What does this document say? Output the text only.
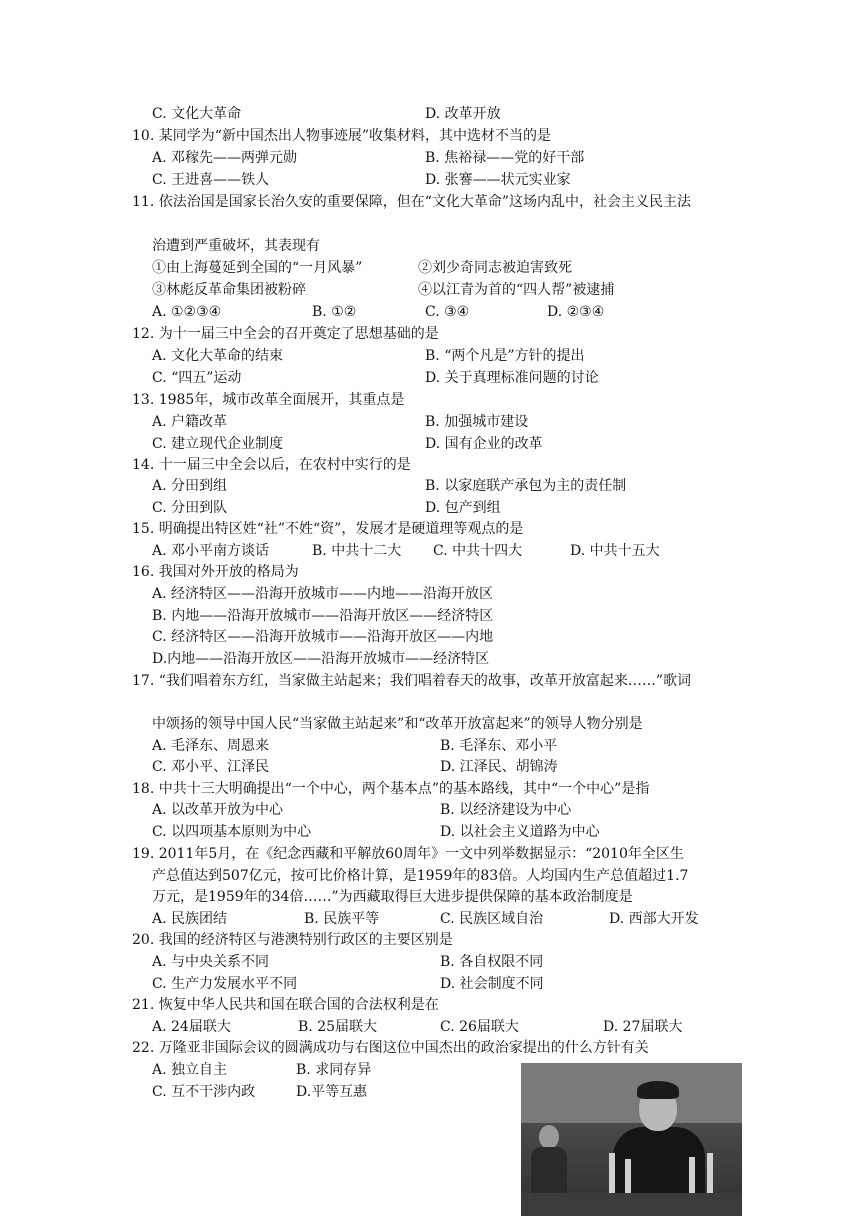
C. 文化大革命	D. 改革开放
10. 某同学为“新中国杰出人物事迹展”收集材料，其中选材不当的是
A. 邓稼先——两弹元勋	B. 焦裕禄——党的好干部
C. 王进喜——铁人	D. 张謇——状元实业家
11. 依法治国是国家长治久安的重要保障，但在“文化大革命”这场内乱中，社会主义民主法
治遭到严重破坏，其表现有
①由上海蔓延到全国的“一月风暴”	②刘少奇同志被迫害致死
③林彪反革命集团被粉碎	④以江青为首的“四人帮”被逮捕
A. ①②③④	B. ①②	C. ③④	D. ②③④
12. 为十一届三中全会的召开奠定了思想基础的是
A. 文化大革命的结束	B. “两个凡是”方针的提出
C. “四五”运动	D. 关于真理标准问题的讨论
13. 1985年，城市改革全面展开，其重点是
A. 户籍改革	B. 加强城市建设
C. 建立现代企业制度	D. 国有企业的改革
14. 十一届三中全会以后，在农村中实行的是
A. 分田到组	B. 以家庭联产承包为主的责任制
C. 分田到队	D. 包产到组
15. 明确提出特区姓“社”不姓“资”，发展才是硬道理等观点的是
A. 邓小平南方谈话	B. 中共十二大 C. 中共十四大	D. 中共十五大
16. 我国对外开放的格局为
A. 经济特区——沿海开放城市——内地——沿海开放区
B. 内地——沿海开放城市——沿海开放区——经济特区
C. 经济特区——沿海开放城市——沿海开放区——内地
D.内地——沿海开放区——沿海开放城市——经济特区
17. “我们唱着东方红，当家做主站起来；我们唱着春天的故事，改革开放富起来……”歌词
中颂扬的领导中国人民“当家做主站起来”和“改革开放富起来”的领导人物分别是
A. 毛泽东、周恩来	B. 毛泽东、邓小平
C. 邓小平、江泽民	D. 江泽民、胡锦涛
18. 中共十三大明确提出“一个中心，两个基本点”的基本路线，其中“一个中心”是指
A. 以改革开放为中心	B. 以经济建设为中心
C. 以四项基本原则为中心	D. 以社会主义道路为中心
19. 2011年5月，在《纪念西藏和平解放60周年》一文中列举数据显示：“2010年全区生
产总值达到507亿元，按可比价格计算，是1959年的83倍。人均国内生产总值超过1.7
万元，是1959年的34倍……”为西藏取得巨大进步提供保障的基本政治制度是
A. 民族团结	B. 民族平等	C. 民族区域自治	D. 西部大开发
20. 我国的经济特区与港澳特别行政区的主要区别是
A. 与中央关系不同	B. 各自权限不同
C. 生产力发展水平不同	D. 社会制度不同
21. 恢复中华人民共和国在联合国的合法权利是在
A. 24届联大	B. 25届联大	C. 26届联大	D. 27届联大
22. 万隆亚非国际会议的圆满成功与右图这位中国杰出的政治家提出的什么方针有关
A. 独立自主	B. 求同存异
C. 互不干涉内政	D.平等互惠
